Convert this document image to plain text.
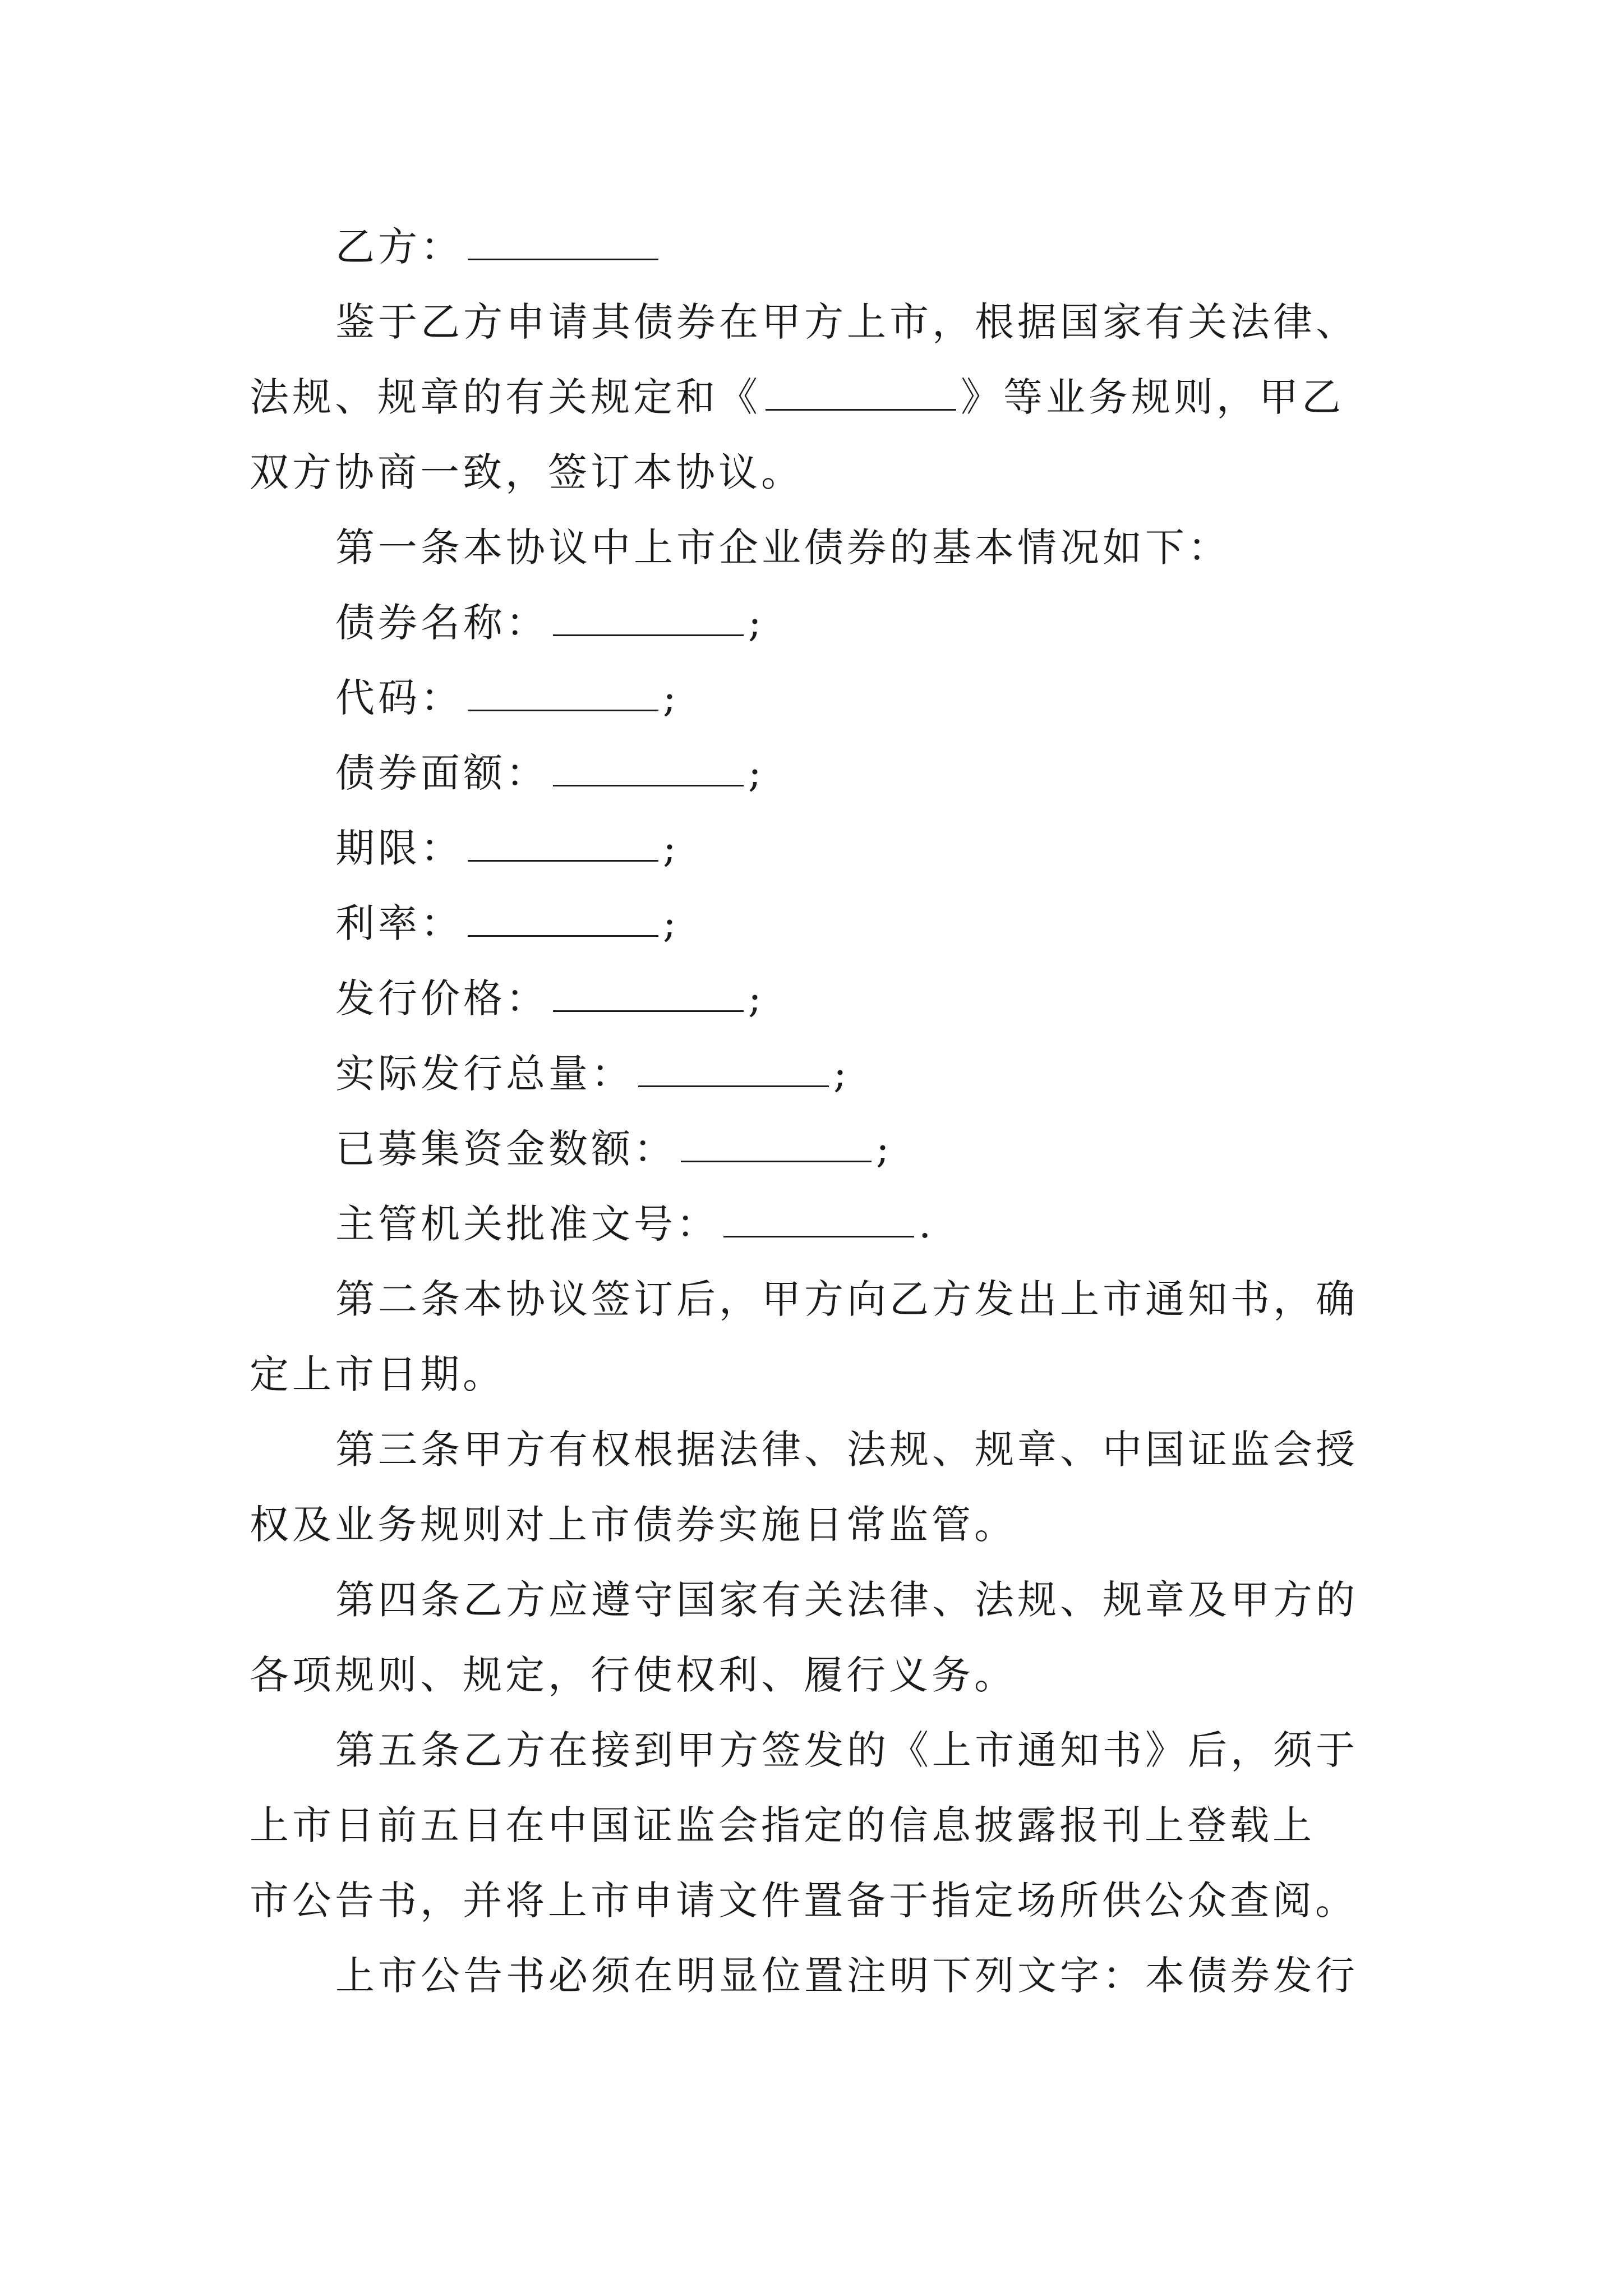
乙方：
鉴于乙方申请其债券在甲方上市，根据国家有关法律、
法规、规章的有关规定和《	》等业务规则，甲乙
双方协商一致，签订本协议。
第一条本协议中上市企业债券的基本情况如下：
债券名称：	;
代码：	;
债券面额：	;
期限：	;
利率：	;
发行价格：	;
实际发行总量：	;
已募集资金数额：	;
主管机关批准文号：	.
第二条本协议签订后，甲方向乙方发出上市通知书，确
定上市日期。
第三条甲方有权根据法律、法规、规章、中国证监会授
权及业务规则对上市债券实施日常监管。
第四条乙方应遵守国家有关法律、法规、规章及甲方的
各项规则、规定，行使权利、履行义务。
第五条乙方在接到甲方签发的《上市通知书》后，须于
上市日前五日在中国证监会指定的信息披露报刊上登载上
市公告书，并将上市申请文件置备于指定场所供公众查阅。
上市公告书必须在明显位置注明下列文字：本债券发行
